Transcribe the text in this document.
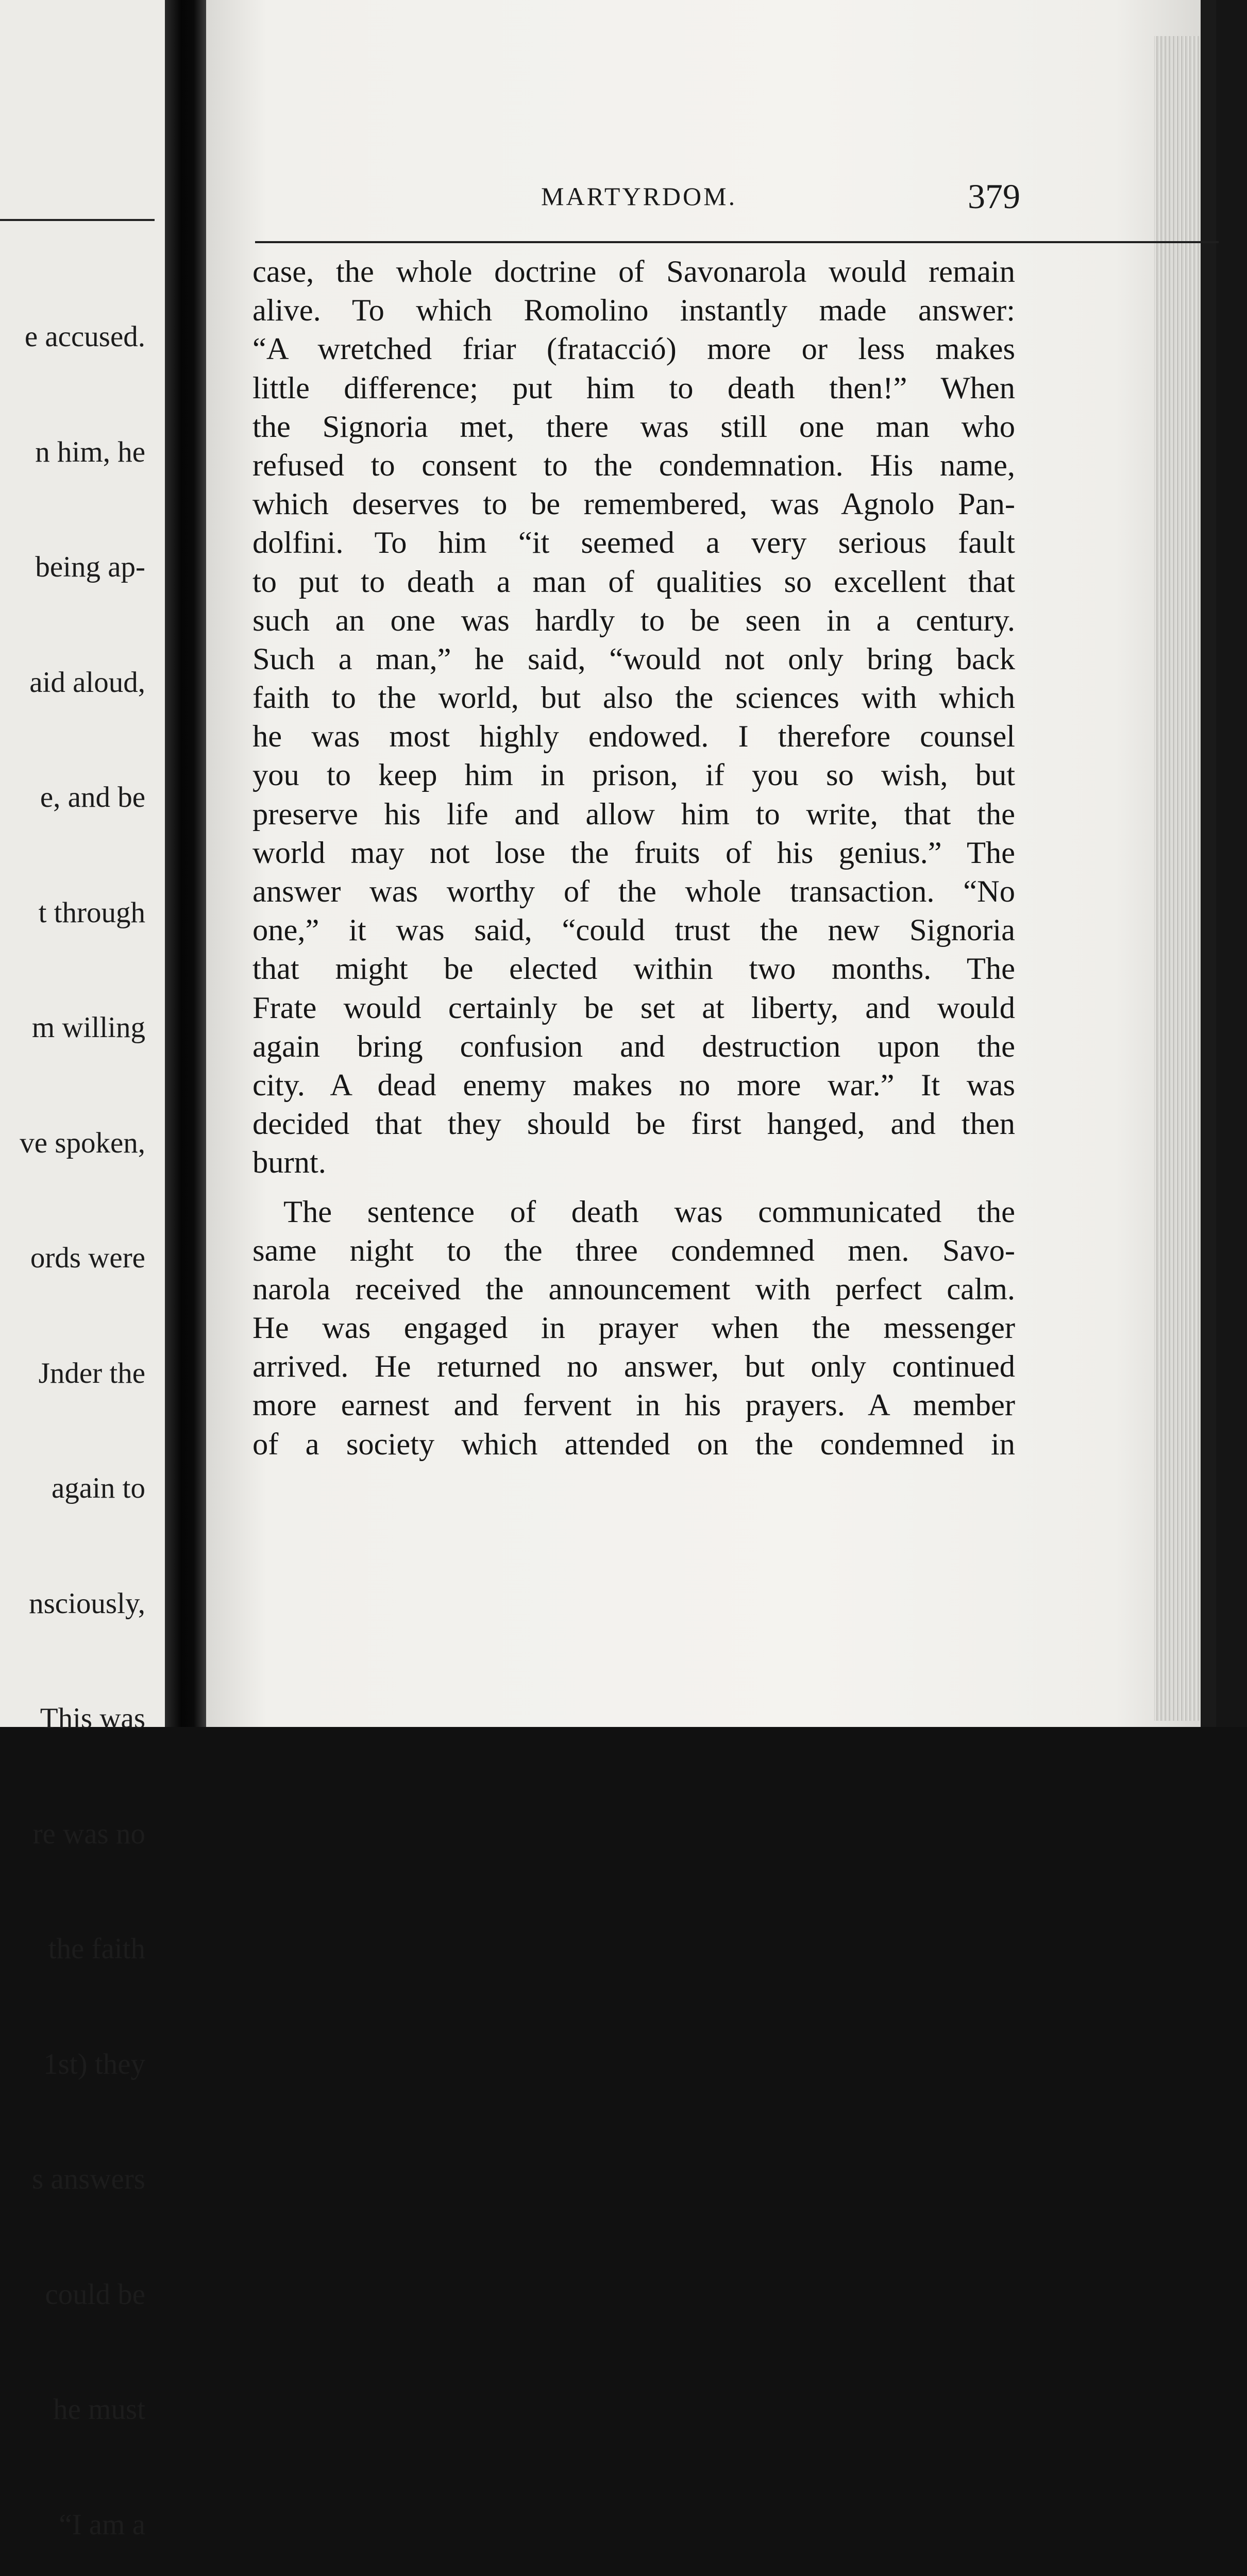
e accused.

n him, he

being ap-

aid aloud,

e, and be

t through

m willing

ve spoken,

ords were

Jnder the

again to

nsciously,

This was

re was no

the faith

1st) they

s answers

could be

he must

“I am a

MARTYRDOM.	379
case, the whole doctrine of Savonarola would remain
alive. To which Romolino instantly made answer:
“A wretched friar (fratacció) more or less makes
little difference; put him to death then!” When
the Signoria met, there was still one man who
refused to consent to the condemnation. His name,
which deserves to be remembered, was Agnolo Pan-
dolfini. To him “it seemed a very serious fault
to put to death a man of qualities so excellent that
such an one was hardly to be seen in a century.
Such a man,” he said, “would not only bring back
faith to the world, but also the sciences with which
he was most highly endowed. I therefore counsel
you to keep him in prison, if you so wish, but
preserve his life and allow him to write, that the
world may not lose the fruits of his genius.” The
answer was worthy of the whole transaction. “No
one,” it was said, “could trust the new Signoria
that might be elected within two months. The
Frate would certainly be set at liberty, and would
again bring confusion and destruction upon the
city. A dead enemy makes no more war.” It was
decided that they should be first hanged, and then
burnt.
The sentence of death was communicated the
same night to the three condemned men. Savo-
narola received the announcement with perfect calm.
He was engaged in prayer when the messenger
arrived. He returned no answer, but only continued
more earnest and fervent in his prayers. A member
of a society which attended on the condemned in
